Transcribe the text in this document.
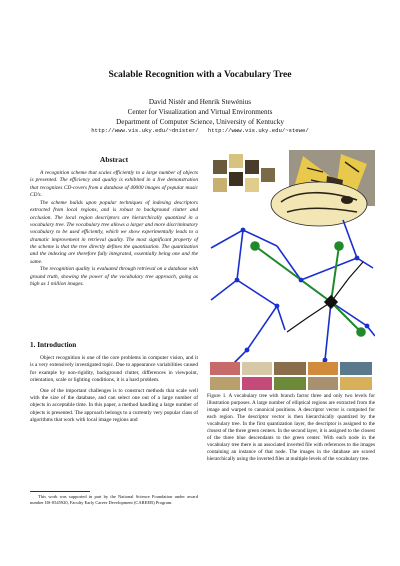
Scalable Recognition with a Vocabulary Tree
David Nistér and Henrik Stewénius
Center for Visualization and Virtual Environments
Department of Computer Science, University of Kentucky
http://www.vis.uky.edu/~dnister/ http://www.vis.uky.edu/~stewe/
Abstract

A recognition scheme that scales efficiently to a large number of objects is presented. The efficiency and quality is exhibited in a live demonstration that recognizes CD-covers from a database of 40000 images of popular music CD’s.

The scheme builds upon popular techniques of indexing descriptors extracted from local regions, and is robust to background clutter and occlusion. The local region descriptors are hierarchically quantized in a vocabulary tree. The vocabulary tree allows a larger and more discriminatory vocabulary to be used efficiently, which we show experimentally leads to a dramatic improvement in retrieval quality. The most significant property of the scheme is that the tree directly defines the quantization. The quantization and the indexing are therefore fully integrated, essentially being one and the same.

The recognition quality is evaluated through retrieval on a database with ground truth, showing the power of the vocabulary tree approach, going as high as 1 million images.

1. Introduction

Object recognition is one of the core problems in computer vision, and it is a very extensively investigated topic. Due to appearance variabilities caused for example by non-rigidity, background clutter, differences in viewpoint, orientation, scale or lighting conditions, it is a hard problem.

One of the important challenges is to construct methods that scale well with the size of the database, and can select one out of a large number of objects in acceptable time. In this paper, a method handling a large number of objects is presented. The approach belongs to a currently very popular class of algorithms that work with local image regions and

This work was supported in part by the National Science Foundation under award number IIS-0545920, Faculty Early Career Development (CAREER) Program.

Figure 1. A vocabulary tree with branch factor three and only two levels for illustration purposes. A large number of elliptical regions are extracted from the image and warped to canonical positions. A descriptor vector is computed for each region. The descriptor vector is then hierarchically quantized by the vocabulary tree. In the first quantization layer, the descriptor is assigned to the closest of the three green centers. In the second layer, it is assigned to the closest of the three blue descendants to the green center. With each node in the vocabulary tree there is an associated inverted file with references to the images containing an instance of that node. The images in the database are scored hierarchically using the inverted files at multiple levels of the vocabulary tree.
